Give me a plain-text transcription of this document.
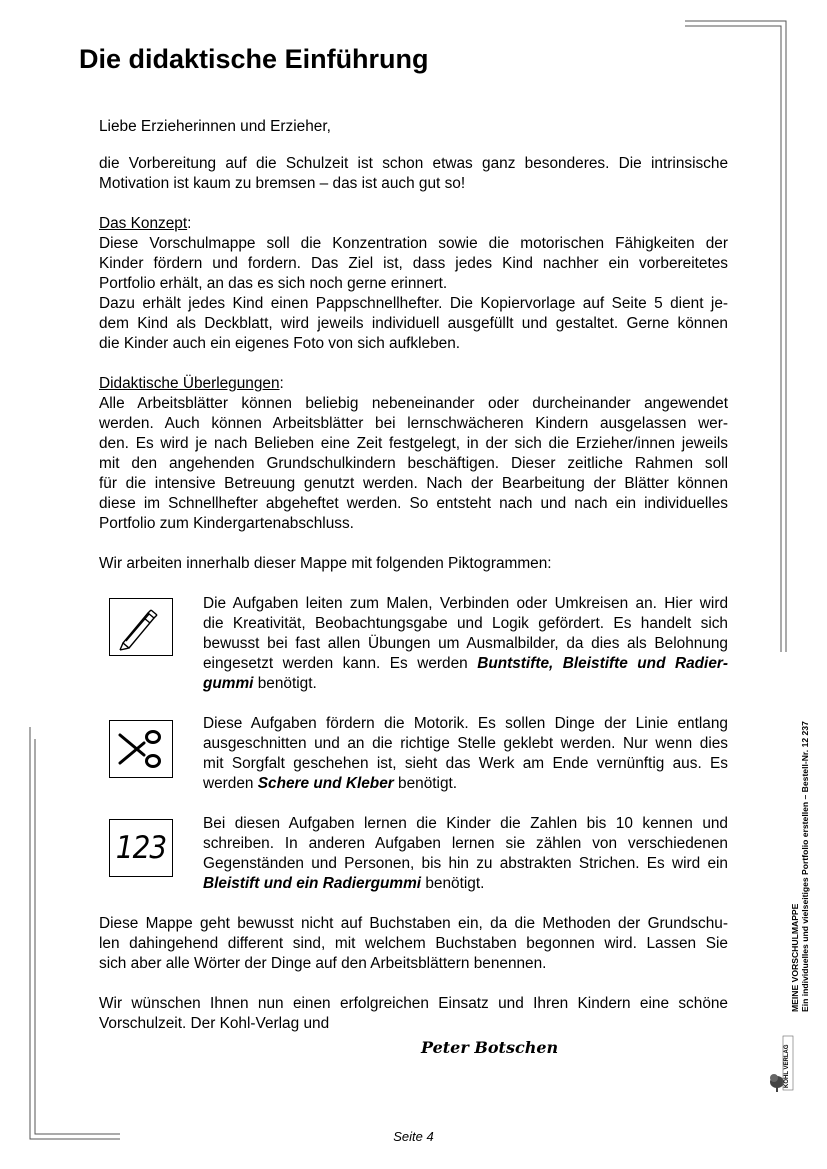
Die didaktische Einführung
Liebe Erzieherinnen und Erzieher,
die Vorbereitung auf die Schulzeit ist schon etwas ganz besonderes. Die intrinsische
Motivation ist kaum zu bremsen – das ist auch gut so!
Das Konzept:
Diese Vorschulmappe soll die Konzentration sowie die motorischen Fähigkeiten der
Kinder fördern und fordern. Das Ziel ist, dass jedes Kind nachher ein vorbereitetes
Portfolio erhält, an das es sich noch gerne erinnert.
Dazu erhält jedes Kind einen Pappschnellhefter. Die Kopiervorlage auf Seite 5 dient je-
dem Kind als Deckblatt, wird jeweils individuell ausgefüllt und gestaltet. Gerne können
die Kinder auch ein eigenes Foto von sich aufkleben.
Didaktische Überlegungen:
Alle Arbeitsblätter können beliebig nebeneinander oder durcheinander angewendet
werden. Auch können Arbeitsblätter bei lernschwächeren Kindern ausgelassen wer-
den. Es wird je nach Belieben eine Zeit festgelegt, in der sich die Erzieher/innen jeweils
mit den angehenden Grundschulkindern beschäftigen. Dieser zeitliche Rahmen soll
für die intensive Betreuung genutzt werden. Nach der Bearbeitung der Blätter können
diese im Schnellhefter abgeheftet werden. So entsteht nach und nach ein individuelles
Portfolio zum Kindergartenabschluss.
Wir arbeiten innerhalb dieser Mappe mit folgenden Piktogrammen:
Die Aufgaben leiten zum Malen, Verbinden oder Umkreisen an. Hier wird
die Kreativität, Beobachtungsgabe und Logik gefördert. Es handelt sich
bewusst bei fast allen Übungen um Ausmalbilder, da dies als Belohnung
eingesetzt werden kann. Es werden Buntstifte, Bleistifte und Radier-
gummi benötigt.
Diese Aufgaben fördern die Motorik. Es sollen Dinge der Linie entlang
ausgeschnitten und an die richtige Stelle geklebt werden. Nur wenn dies
mit Sorgfalt geschehen ist, sieht das Werk am Ende vernünftig aus. Es
werden Schere und Kleber benötigt.
123
Bei diesen Aufgaben lernen die Kinder die Zahlen bis 10 kennen und
schreiben. In anderen Aufgaben lernen sie zählen von verschiedenen
Gegenständen und Personen, bis hin zu abstrakten Strichen. Es wird ein
Bleistift und ein Radiergummi benötigt.
Diese Mappe geht bewusst nicht auf Buchstaben ein, da die Methoden der Grundschu-
len dahingehend different sind, mit welchem Buchstaben begonnen wird. Lassen Sie
sich aber alle Wörter der Dinge auf den Arbeitsblättern benennen.
Wir wünschen Ihnen nun einen erfolgreichen Einsatz und Ihren Kindern eine schöne
Vorschulzeit. Der Kohl-Verlag und
Peter Botschen
Seite 4
MEINE VORSCHULMAPPE Ein individuelles und vielseitiges Portfolio erstellen – Bestell-Nr. 12 237
KOHL VERLAG
